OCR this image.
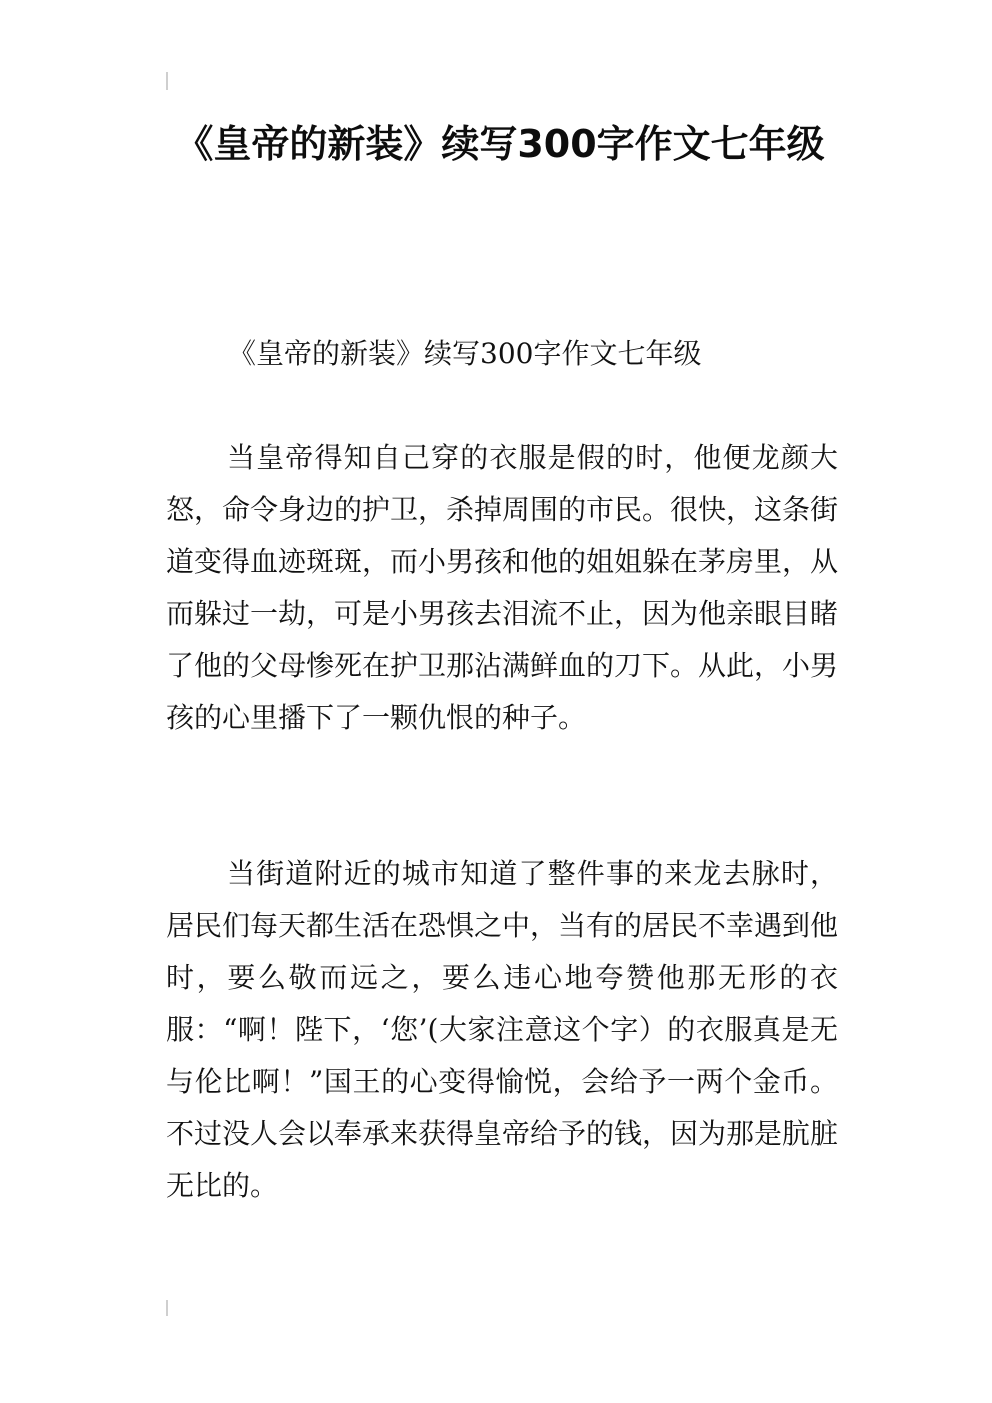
《皇帝的新装》续写300字作文七年级

《皇帝的新装》续写300字作文七年级

当皇帝得知自己穿的衣服是假的时，他便龙颜大怒，命令身边的护卫，杀掉周围的市民。很快，这条街道变得血迹斑斑，而小男孩和他的姐姐躲在茅房里，从而躲过一劫，可是小男孩去泪流不止，因为他亲眼目睹了他的父母惨死在护卫那沾满鲜血的刀下。从此，小男孩的心里播下了一颗仇恨的种子。

当街道附近的城市知道了整件事的来龙去脉时，居民们每天都生活在恐惧之中，当有的居民不幸遇到他时，要么敬而远之，要么违心地夸赞他那无形的衣服：“啊！陛下，‘您’(大家注意这个字）的衣服真是无与伦比啊！”国王的心变得愉悦，会给予一两个金币。不过没人会以奉承来获得皇帝给予的钱，因为那是肮脏无比的。
